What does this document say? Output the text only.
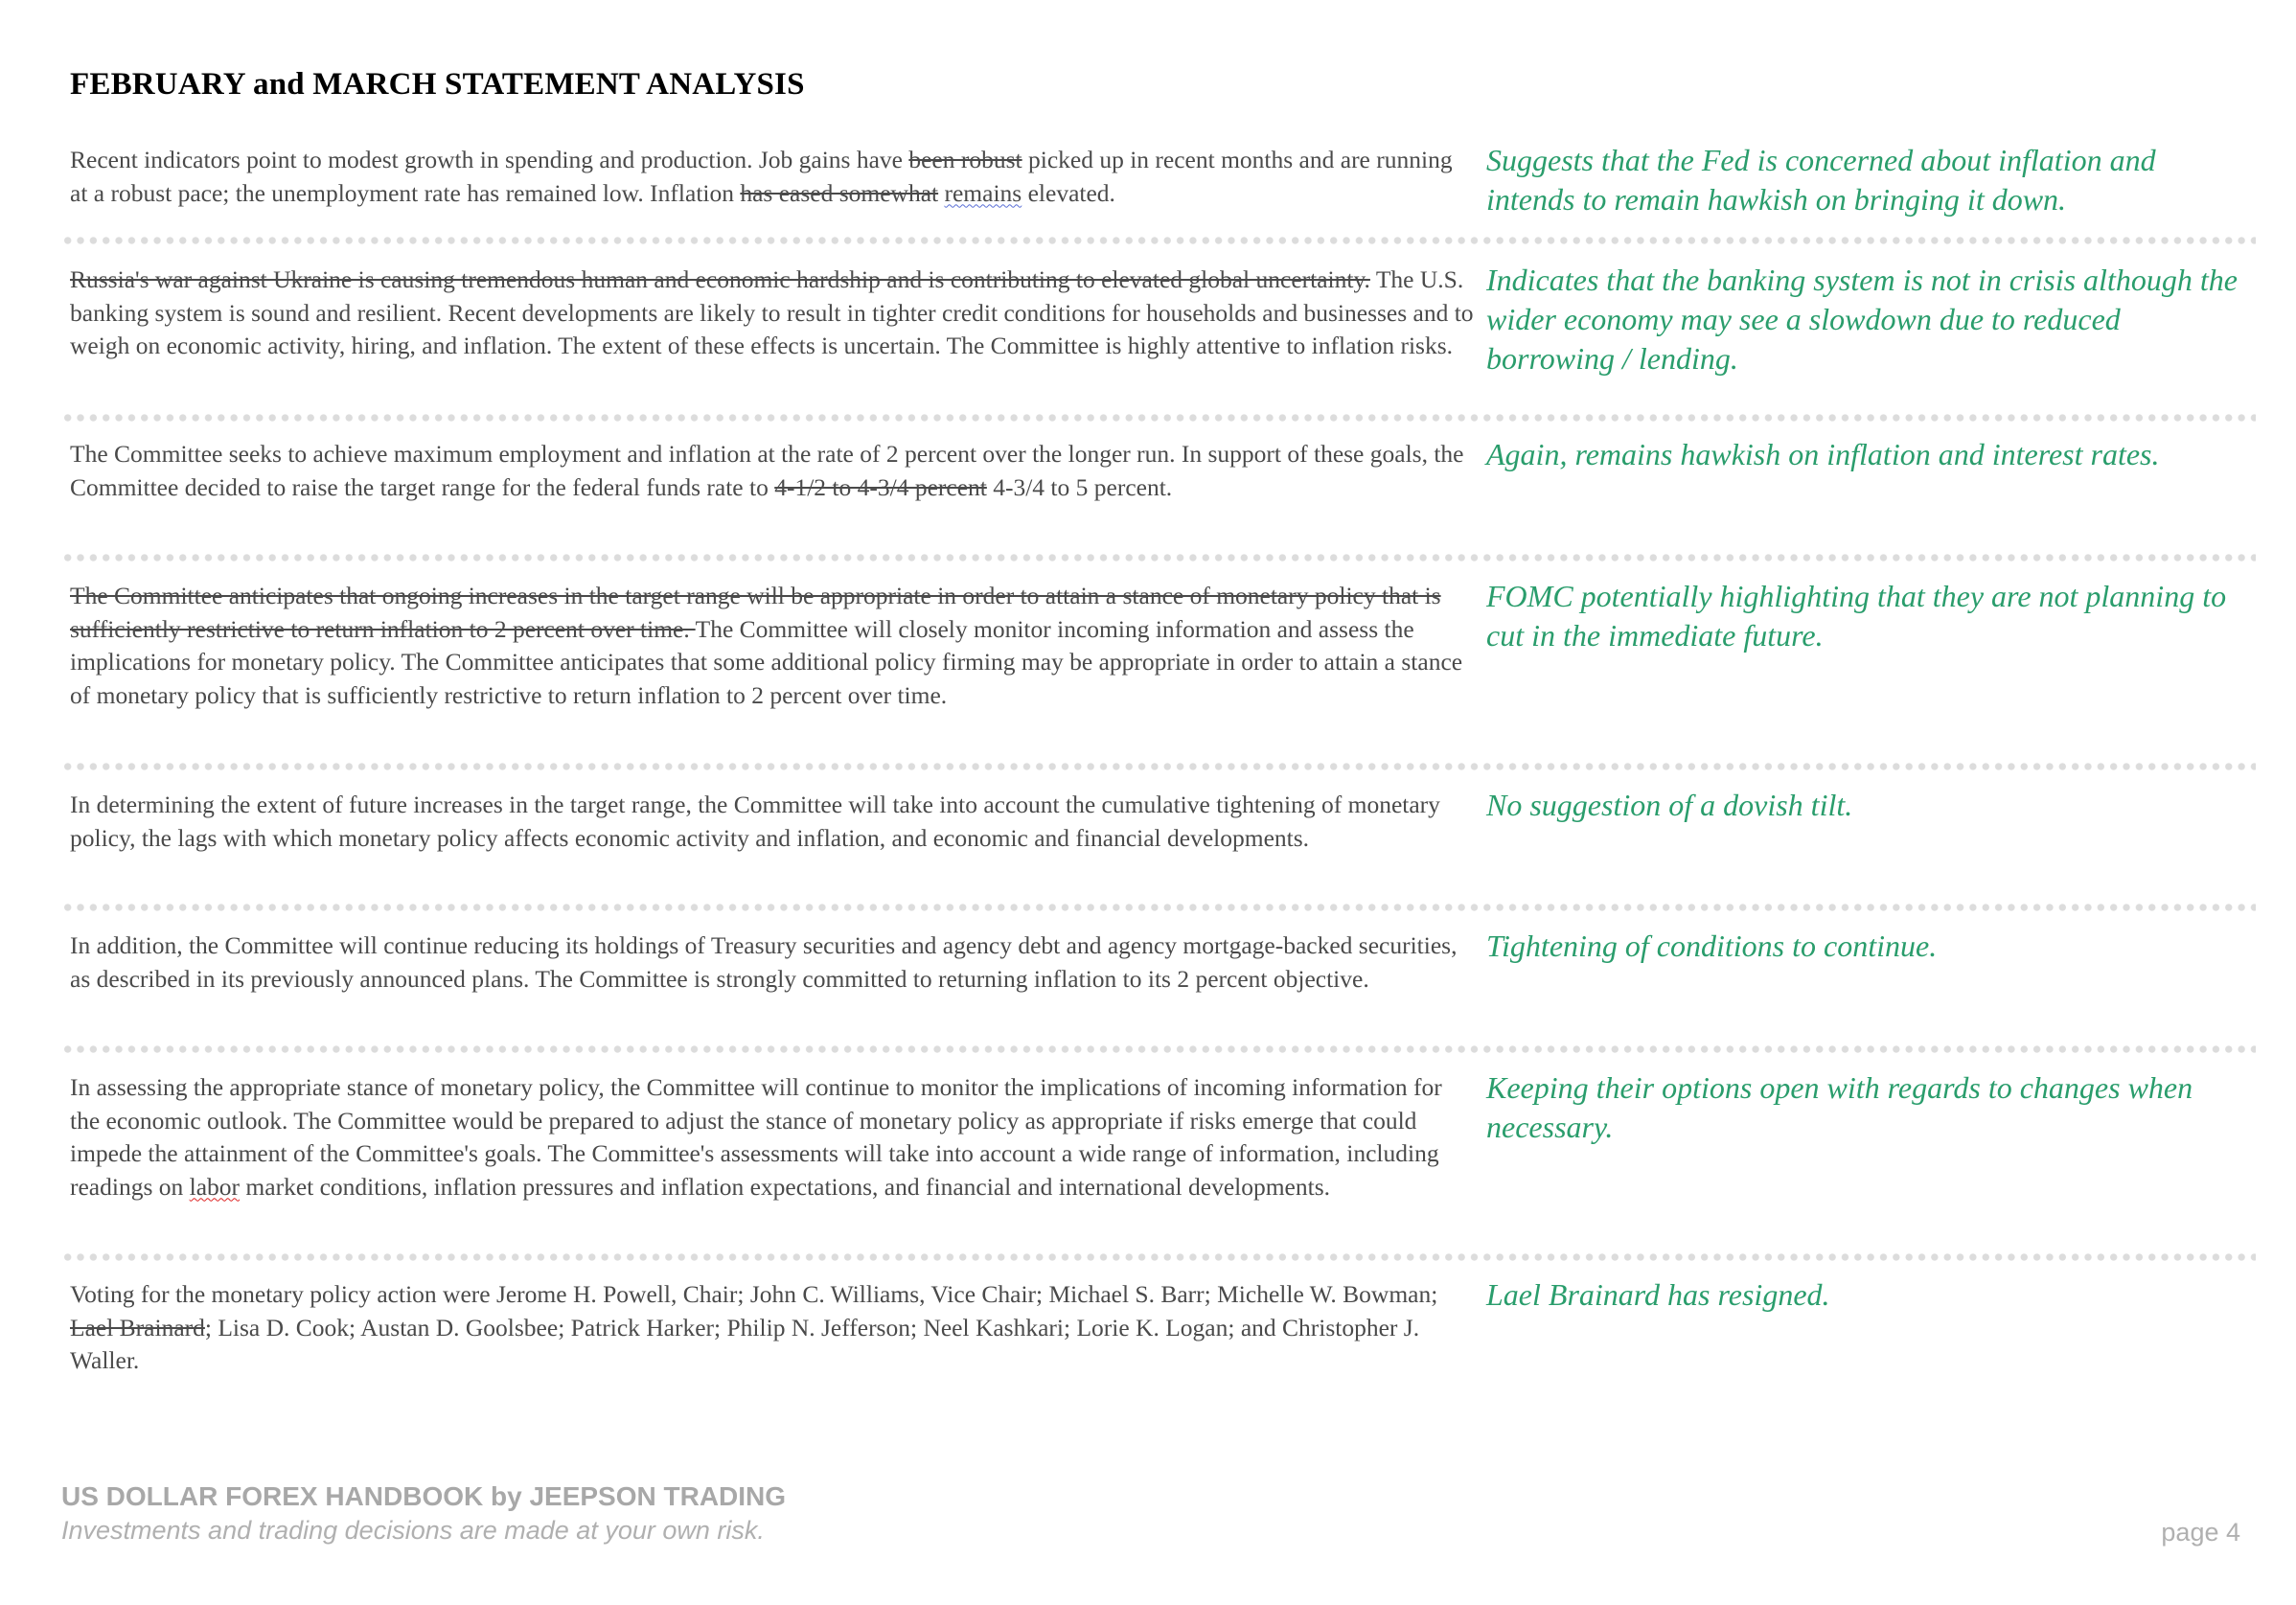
FEBRUARY and MARCH STATEMENT ANALYSIS
Recent indicators point to modest growth in spending and production. Job gains have been robust picked up in recent months and are running at a robust pace; the unemployment rate has remained low. Inflation has eased somewhat remains elevated.
Suggests that the Fed is concerned about inflation and intends to remain hawkish on bringing it down.
Russia's war against Ukraine is causing tremendous human and economic hardship and is contributing to elevated global uncertainty. The U.S. banking system is sound and resilient. Recent developments are likely to result in tighter credit conditions for households and businesses and to weigh on economic activity, hiring, and inflation. The extent of these effects is uncertain. The Committee is highly attentive to inflation risks.
Indicates that the banking system is not in crisis although the wider economy may see a slowdown due to reduced borrowing / lending.
The Committee seeks to achieve maximum employment and inflation at the rate of 2 percent over the longer run. In support of these goals, the Committee decided to raise the target range for the federal funds rate to 4-1/2 to 4-3/4 percent 4-3/4 to 5 percent.
Again, remains hawkish on inflation and interest rates.
The Committee anticipates that ongoing increases in the target range will be appropriate in order to attain a stance of monetary policy that is sufficiently restrictive to return inflation to 2 percent over time. The Committee will closely monitor incoming information and assess the implications for monetary policy. The Committee anticipates that some additional policy firming may be appropriate in order to attain a stance of monetary policy that is sufficiently restrictive to return inflation to 2 percent over time.
FOMC potentially highlighting that they are not planning to cut in the immediate future.
In determining the extent of future increases in the target range, the Committee will take into account the cumulative tightening of monetary policy, the lags with which monetary policy affects economic activity and inflation, and economic and financial developments.
No suggestion of a dovish tilt.
In addition, the Committee will continue reducing its holdings of Treasury securities and agency debt and agency mortgage-backed securities, as described in its previously announced plans. The Committee is strongly committed to returning inflation to its 2 percent objective.
Tightening of conditions to continue.
In assessing the appropriate stance of monetary policy, the Committee will continue to monitor the implications of incoming information for the economic outlook. The Committee would be prepared to adjust the stance of monetary policy as appropriate if risks emerge that could impede the attainment of the Committee's goals. The Committee's assessments will take into account a wide range of information, including readings on labor market conditions, inflation pressures and inflation expectations, and financial and international developments.
Keeping their options open with regards to changes when necessary.
Voting for the monetary policy action were Jerome H. Powell, Chair; John C. Williams, Vice Chair; Michael S. Barr; Michelle W. Bowman; Lael Brainard; Lisa D. Cook; Austan D. Goolsbee; Patrick Harker; Philip N. Jefferson; Neel Kashkari; Lorie K. Logan; and Christopher J. Waller.
Lael Brainard has resigned.
US DOLLAR FOREX HANDBOOK by JEEPSON TRADING
Investments and trading decisions are made at your own risk.	page 4
